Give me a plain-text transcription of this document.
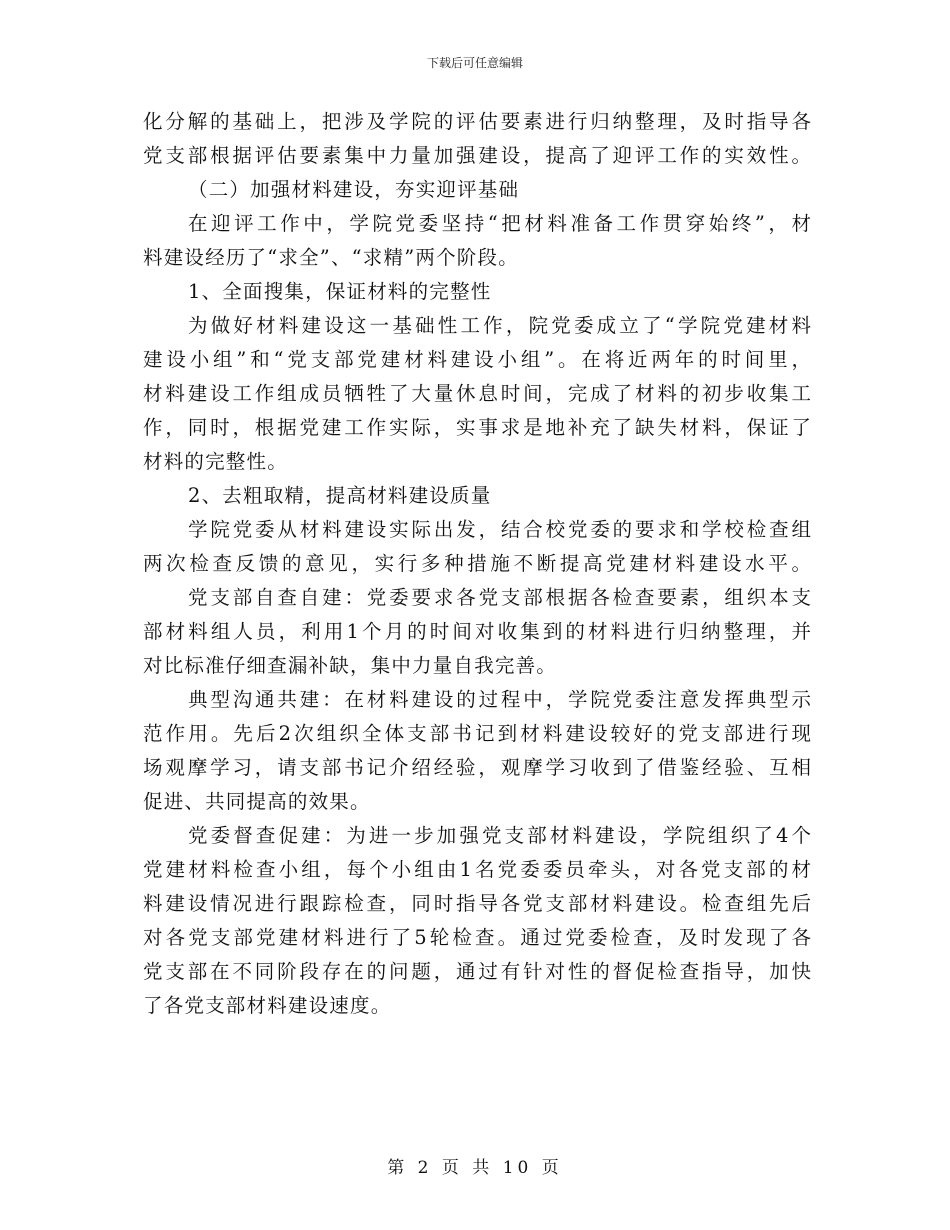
下载后可任意编辑
化分解的基础上，把涉及学院的评估要素进行归纳整理，及时指导各
党支部根据评估要素集中力量加强建设，提高了迎评工作的实效性。
（二）加强材料建设，夯实迎评基础
在迎评工作中，学院党委坚持“把材料准备工作贯穿始终”，材
料建设经历了“求全”、“求精”两个阶段。
1、全面搜集，保证材料的完整性
为做好材料建设这一基础性工作，院党委成立了“学院党建材料
建设小组”和“党支部党建材料建设小组”。在将近两年的时间里，
材料建设工作组成员牺牲了大量休息时间，完成了材料的初步收集工
作，同时，根据党建工作实际，实事求是地补充了缺失材料，保证了
材料的完整性。
2、去粗取精，提高材料建设质量
学院党委从材料建设实际出发，结合校党委的要求和学校检查组
两次检查反馈的意见，实行多种措施不断提高党建材料建设水平。
党支部自查自建：党委要求各党支部根据各检查要素，组织本支
部材料组人员，利用1个月的时间对收集到的材料进行归纳整理，并
对比标准仔细查漏补缺，集中力量自我完善。
典型沟通共建：在材料建设的过程中，学院党委注意发挥典型示
范作用。先后2次组织全体支部书记到材料建设较好的党支部进行现
场观摩学习，请支部书记介绍经验，观摩学习收到了借鉴经验、互相
促进、共同提高的效果。
党委督查促建：为进一步加强党支部材料建设，学院组织了4个
党建材料检查小组，每个小组由1名党委委员牵头，对各党支部的材
料建设情况进行跟踪检查，同时指导各党支部材料建设。检查组先后
对各党支部党建材料进行了5轮检查。通过党委检查，及时发现了各
党支部在不同阶段存在的问题，通过有针对性的督促检查指导，加快
了各党支部材料建设速度。
第 2 页 共 10 页
